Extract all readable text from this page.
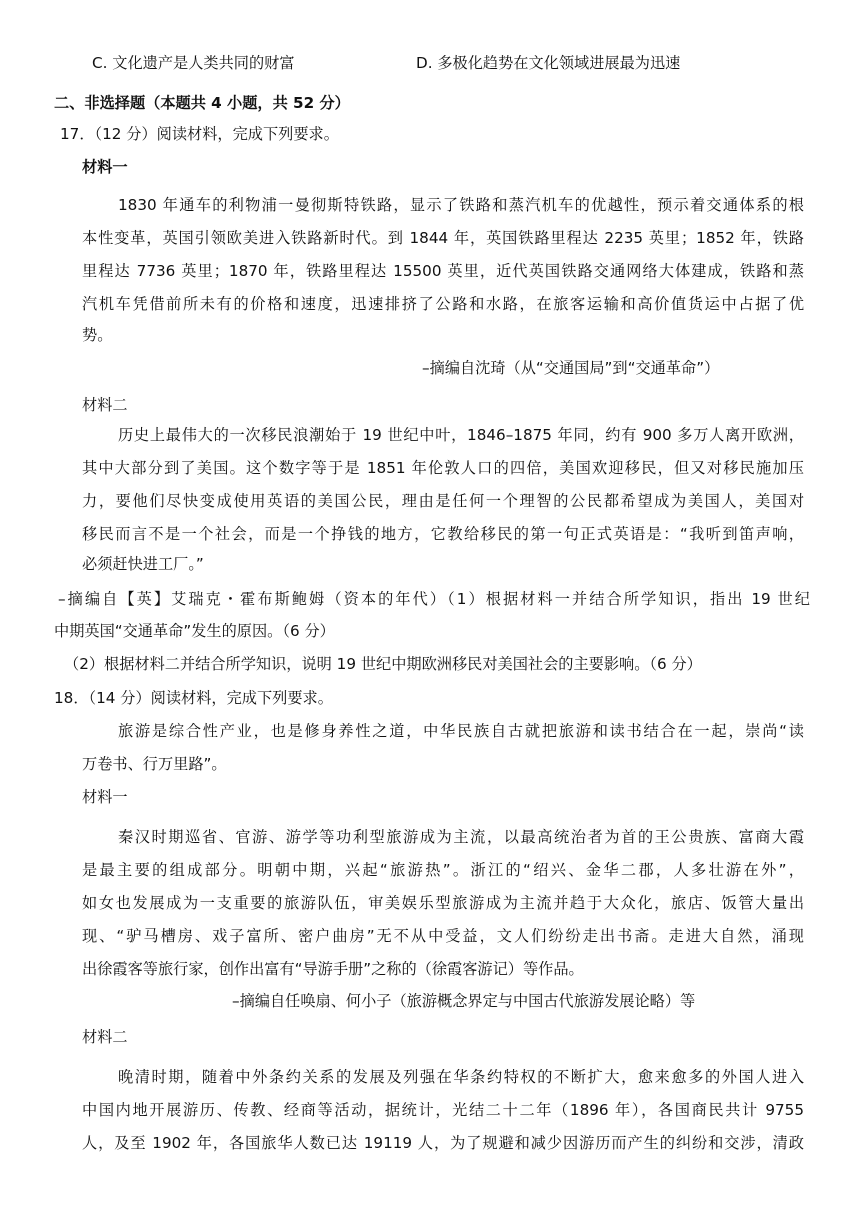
C. 文化遗产是人类共同的财富	D. 多极化趋势在文化领域进展最为迅速
二、非选择题（本题共 4 小题，共 52 分）
17．（12 分）阅读材料，完成下列要求。
材料一
1830 年通车的利物浦一曼彻斯特铁路，显示了铁路和蒸汽机车的优越性，预示着交通体系的根
本性变革，英国引领欧美进入铁路新时代。到 1844 年，英国铁路里程达 2235 英里；1852 年，铁路
里程达 7736 英里；1870 年，铁路里程达 15500 英里，近代英国铁路交通网络大体建成，铁路和蒸
汽机车凭借前所未有的价格和速度，迅速排挤了公路和水路，在旅客运输和高价值货运中占据了优
势。
–摘编自沈琦（从“交通国局”到“交通革命”）
材料二
历史上最伟大的一次移民浪潮始于 19 世纪中叶，1846–1875 年同，约有 900 多万人离开欧洲，
其中大部分到了美国。这个数字等于是 1851 年伦敦人口的四倍，美国欢迎移民，但又对移民施加压
力，要他们尽快变成使用英语的美国公民，理由是任何一个理智的公民都希望成为美国人，美国对
移民而言不是一个社会，而是一个挣钱的地方，它教给移民的第一句正式英语是：“我听到笛声响，
必须赶快进工厂。”
–摘编自【英】艾瑞克・霍布斯鲍姆（资本的年代）（1）根据材料一并结合所学知识，指出 19 世纪
中期英国“交通革命”发生的原因。（6 分）
（2）根据材料二并结合所学知识，说明 19 世纪中期欧洲移民对美国社会的主要影响。（6 分）
18．（14 分）阅读材料，完成下列要求。
旅游是综合性产业，也是修身养性之道，中华民族自古就把旅游和读书结合在一起，崇尚“读
万卷书、行万里路”。
材料一
秦汉时期巡省、官游、游学等功利型旅游成为主流，以最高统治者为首的王公贵族、富商大霞
是最主要的组成部分。明朝中期，兴起“旅游热”。浙江的“绍兴、金华二郡，人多壮游在外”，
如女也发展成为一支重要的旅游队伍，审美娱乐型旅游成为主流并趋于大众化，旅店、饭管大量出
现、“驴马槽房、戏子富所、密户曲房”无不从中受益，文人们纷纷走出书斋。走进大自然，涌现
出徐霞客等旅行家，创作出富有“导游手册”之称的（徐霞客游记）等作品。
–摘编自任唤扇、何小子（旅游概念界定与中国古代旅游发展论略）等
材料二
晚清时期，随着中外条约关系的发展及列强在华条约特权的不断扩大，愈来愈多的外国人进入
中国内地开展游历、传教、经商等活动，据统计，光结二十二年（1896 年），各国商民共计 9755
人，及至 1902 年，各国旅华人数已达 19119 人，为了规避和减少因游历而产生的纠纷和交涉，清政
